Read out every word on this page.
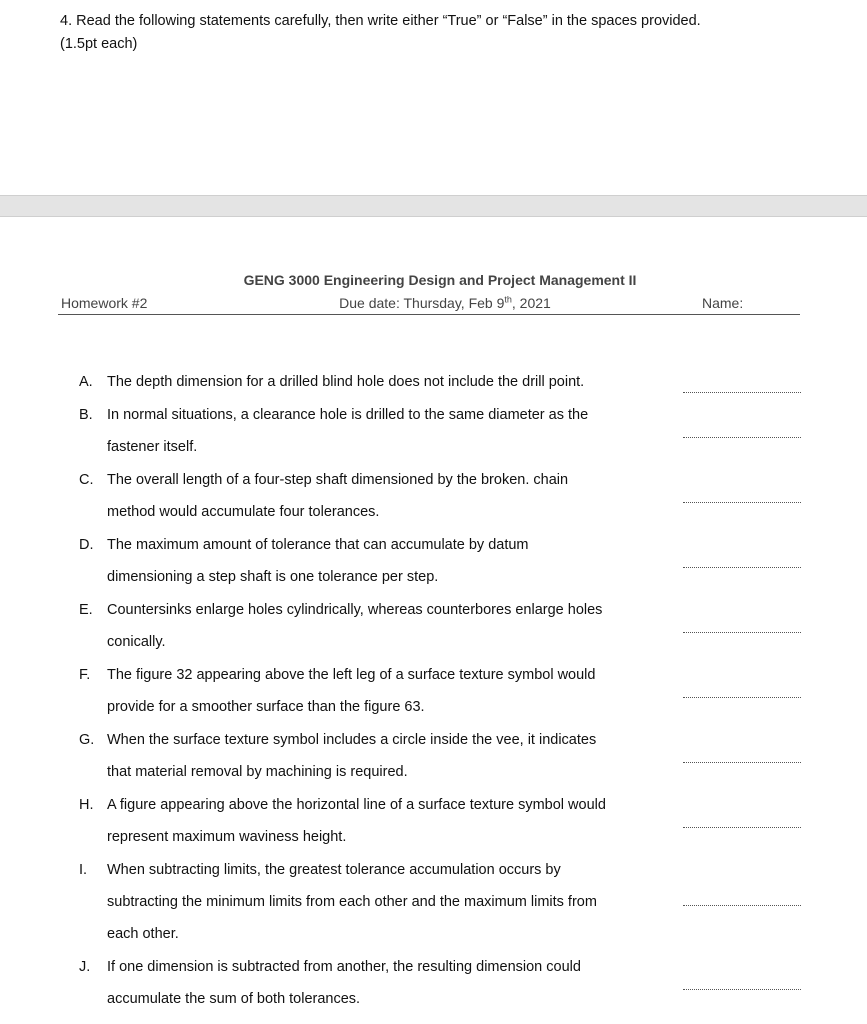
4. Read the following statements carefully, then write either “True” or “False” in the spaces provided.
(1.5pt each)
GENG 3000 Engineering Design and Project Management II
Homework #2	Due date: Thursday, Feb 9th, 2021	Name:
A. The depth dimension for a drilled blind hole does not include the drill point.
B. In normal situations, a clearance hole is drilled to the same diameter as the
fastener itself.
C. The overall length of a four-step shaft dimensioned by the broken. chain
method would accumulate four tolerances.
D. The maximum amount of tolerance that can accumulate by datum
dimensioning a step shaft is one tolerance per step.
E. Countersinks enlarge holes cylindrically, whereas counterbores enlarge holes
conically.
F. The figure 32 appearing above the left leg of a surface texture symbol would
provide for a smoother surface than the figure 63.
G. When the surface texture symbol includes a circle inside the vee, it indicates
that material removal by machining is required.
H. A figure appearing above the horizontal line of a surface texture symbol would
represent maximum waviness height.
I. When subtracting limits, the greatest tolerance accumulation occurs by
subtracting the minimum limits from each other and the maximum limits from
each other.
J. If one dimension is subtracted from another, the resulting dimension could
accumulate the sum of both tolerances.
